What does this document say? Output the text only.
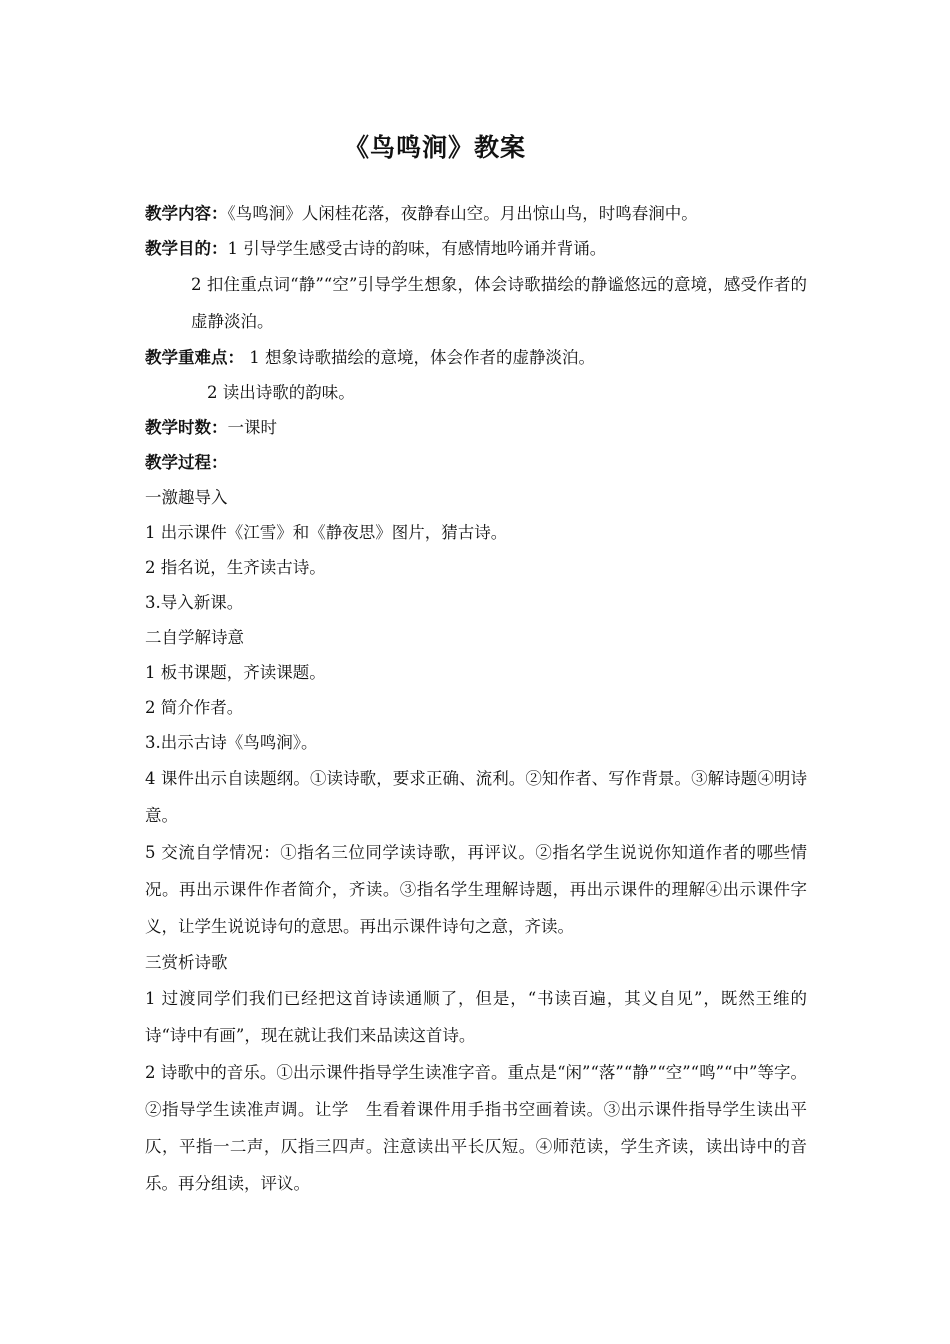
《鸟鸣涧》教案
教学内容：《鸟鸣涧》人闲桂花落，夜静春山空。月出惊山鸟，时鸣春涧中。
教学目的：1 引导学生感受古诗的韵味，有感情地吟诵并背诵。
2 扣住重点词“静”“空”引导学生想象，体会诗歌描绘的静谧悠远的意境，感受作者的虚静淡泊。
教学重难点： 1 想象诗歌描绘的意境，体会作者的虚静淡泊。
2 读出诗歌的韵味。
教学时数：一课时
教学过程：
一激趣导入
1 出示课件《江雪》和《静夜思》图片，猜古诗。
2 指名说，生齐读古诗。
3.导入新课。
二自学解诗意
1 板书课题，齐读课题。
2 简介作者。
3.出示古诗《鸟鸣涧》。
4 课件出示自读题纲。①读诗歌，要求正确、流利。②知作者、写作背景。③解诗题④明诗意。
5 交流自学情况：①指名三位同学读诗歌，再评议。②指名学生说说你知道作者的哪些情况。再出示课件作者简介，齐读。③指名学生理解诗题，再出示课件的理解④出示课件字义，让学生说说诗句的意思。再出示课件诗句之意，齐读。
三赏析诗歌
1 过渡同学们我们已经把这首诗读通顺了，但是，“书读百遍，其义自见”，既然王维的诗“诗中有画”，现在就让我们来品读这首诗。
2 诗歌中的音乐。①出示课件指导学生读准字音。重点是“闲”“落”“静”“空”“鸣”“中”等字。②指导学生读准声调。让学　生看着课件用手指书空画着读。③出示课件指导学生读出平仄，平指一二声，仄指三四声。注意读出平长仄短。④师范读，学生齐读，读出诗中的音乐。再分组读，评议。
